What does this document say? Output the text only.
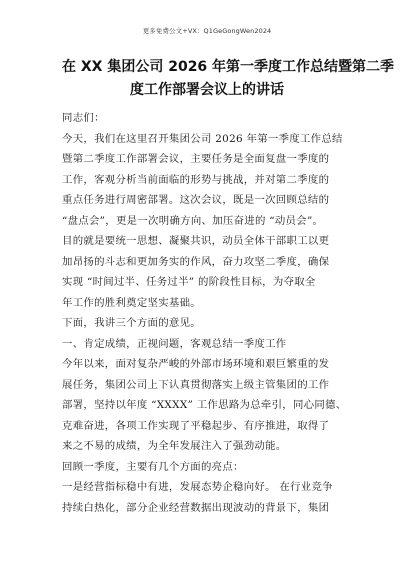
更多免费公文+VX：Q1GeGongWen2024
在 XX 集团公司 2026 年第一季度工作总结暨第二季
度工作部署会议上的讲话

同志们：

今天，我们在这里召开集团公司 2026 年第一季度工作总结
暨第二季度工作部署会议，主要任务是全面复盘一季度的
工作，客观分析当前面临的形势与挑战，并对第二季度的
重点任务进行周密部署。这次会议，既是一次回顾总结的
“盘点会”，更是一次明确方向、加压奋进的 “动员会”。
目的就是要统一思想、凝聚共识，动员全体干部职工以更
加昂扬的斗志和更加务实的作风，奋力攻坚二季度，确保
实现 “时间过半、任务过半” 的阶段性目标，为夺取全
年工作的胜利奠定坚实基础。

下面，我讲三个方面的意见。

一、肯定成绩，正视问题，客观总结一季度工作

今年以来，面对复杂严峻的外部市场环境和艰巨繁重的发
展任务，集团公司上下认真贯彻落实上级主管集团的工作
部署，坚持以年度 “XXXX” 工作思路为总牵引，同心同德、
克难奋进，各项工作实现了平稳起步、有序推进，取得了
来之不易的成绩，为全年发展注入了强劲动能。

回顾一季度，主要有几个方面的亮点：

一是经营指标稳中有进，发展态势企稳向好。 在行业竞争
持续白热化，部分企业经营数据出现波动的背景下，集团
